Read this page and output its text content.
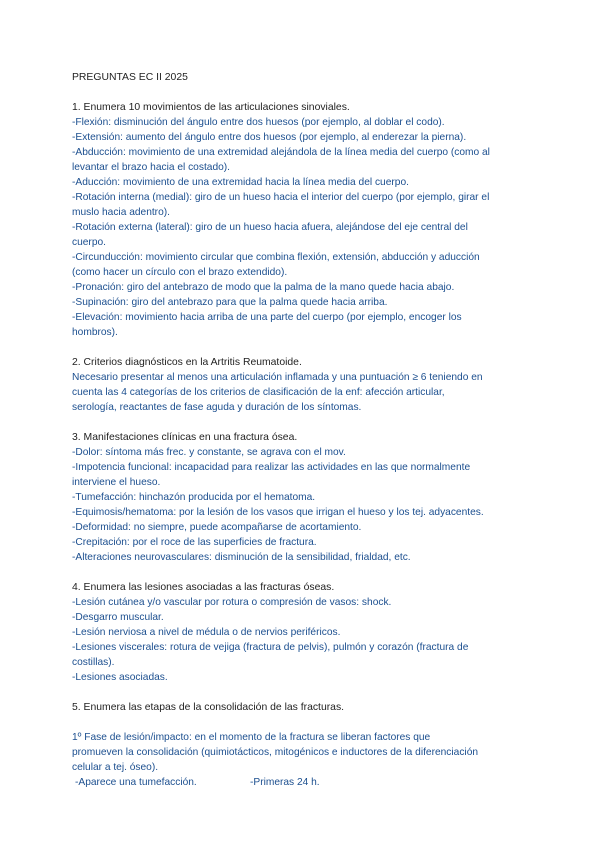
PREGUNTAS EC II 2025

1. Enumera 10 movimientos de las articulaciones sinoviales.

-Flexión: disminución del ángulo entre dos huesos (por ejemplo, al doblar el codo).

-Extensión: aumento del ángulo entre dos huesos (por ejemplo, al enderezar la pierna).

-Abducción: movimiento de una extremidad alejándola de la línea media del cuerpo (como al

levantar el brazo hacia el costado).

-Aducción: movimiento de una extremidad hacia la línea media del cuerpo.

-Rotación interna (medial): giro de un hueso hacia el interior del cuerpo (por ejemplo, girar el

muslo hacia adentro).

-Rotación externa (lateral): giro de un hueso hacia afuera, alejándose del eje central del

cuerpo.

-Circunducción: movimiento circular que combina flexión, extensión, abducción y aducción

(como hacer un círculo con el brazo extendido).

-Pronación: giro del antebrazo de modo que la palma de la mano quede hacia abajo.

-Supinación: giro del antebrazo para que la palma quede hacia arriba.

-Elevación: movimiento hacia arriba de una parte del cuerpo (por ejemplo, encoger los

hombros).

2. Criterios diagnósticos en la Artritis Reumatoide.

Necesario presentar al menos una articulación inflamada y una puntuación ≥ 6 teniendo en

cuenta las 4 categorías de los criterios de clasificación de la enf: afección articular,

serología, reactantes de fase aguda y duración de los síntomas.

3. Manifestaciones clínicas en una fractura ósea.

-Dolor: síntoma más frec. y constante, se agrava con el mov.

-Impotencia funcional: incapacidad para realizar las actividades en las que normalmente

interviene el hueso.

-Tumefacción: hinchazón producida por el hematoma.

-Equimosis/hematoma: por la lesión de los vasos que irrigan el hueso y los tej. adyacentes.

-Deformidad: no siempre, puede acompañarse de acortamiento.

-Crepitación: por el roce de las superficies de fractura.

-Alteraciones neurovasculares: disminución de la sensibilidad, frialdad, etc.

4. Enumera las lesiones asociadas a las fracturas óseas.

-Lesión cutánea y/o vascular por rotura o compresión de vasos: shock.

-Desgarro muscular.

-Lesión nerviosa a nivel de médula o de nervios periféricos.

-Lesiones viscerales: rotura de vejiga (fractura de pelvis), pulmón y corazón (fractura de

costillas).

-Lesiones asociadas.

5. Enumera las etapas de la consolidación de las fracturas.

1º Fase de lesión/impacto: en el momento de la fractura se liberan factores que

promueven la consolidación (quimiotácticos, mitogénicos e inductores de la diferenciación

celular a tej. óseo).

-Aparece una tumefacción.	-Primeras 24 h.
